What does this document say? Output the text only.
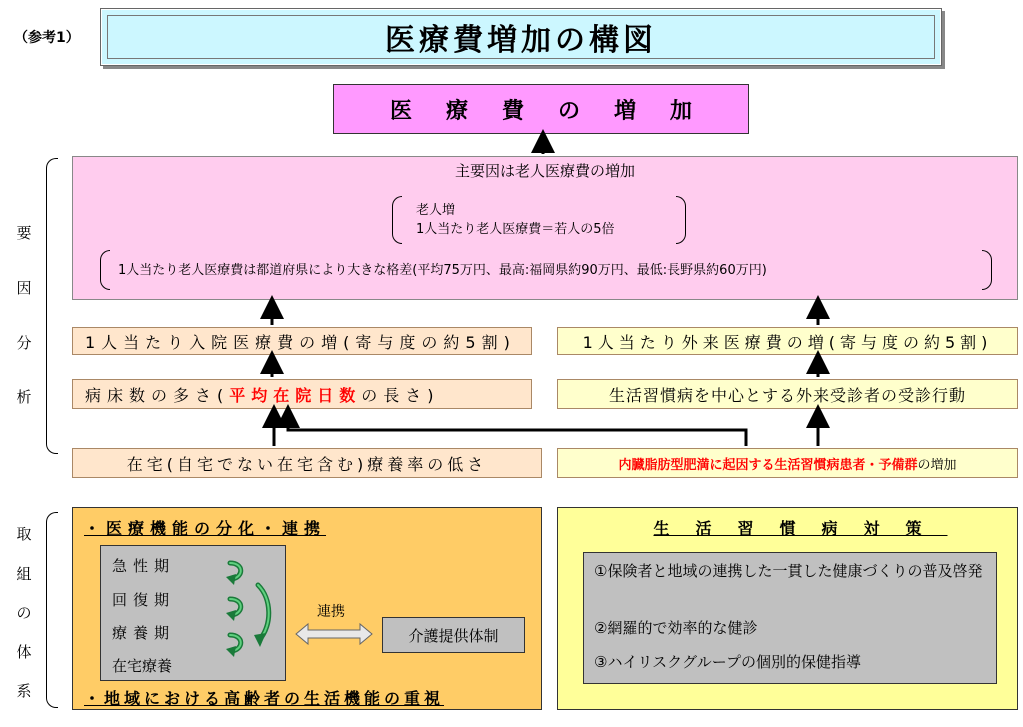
（参考1）	医療費増加の構図
医療費の増加
要
因
分
析
取
組
の
体
系
主要因は老人医療費の増加
老人増
1人当たり老人医療費＝若人の5倍
1人当たり老人医療費は都道府県により大きな格差(平均75万円、最高:福岡県約90万円、最低:長野県約60万円)
1人当たり入院医療費の増(寄与度の約5割)
病床数の多さ( 平均在院日数 の長さ)
在宅(自宅でない在宅含む)療養率の低さ
1人当たり外来医療費の増(寄与度の約5割)
生活習慣病を中心とする外来受診者の受診行動
内臓脂肪型肥満に起因する生活習慣病患者・予備群 の増加
・医療機能の分化・連携
急性期
回復期
療養期
在宅療養
連携
介護提供体制
・地域における高齢者の生活機能の重視
生活習慣病対策
①保険者と地域の連携した一貫した健康づくりの普及啓発
②網羅的で効率的な健診
③ハイリスクグループの個別的保健指導
